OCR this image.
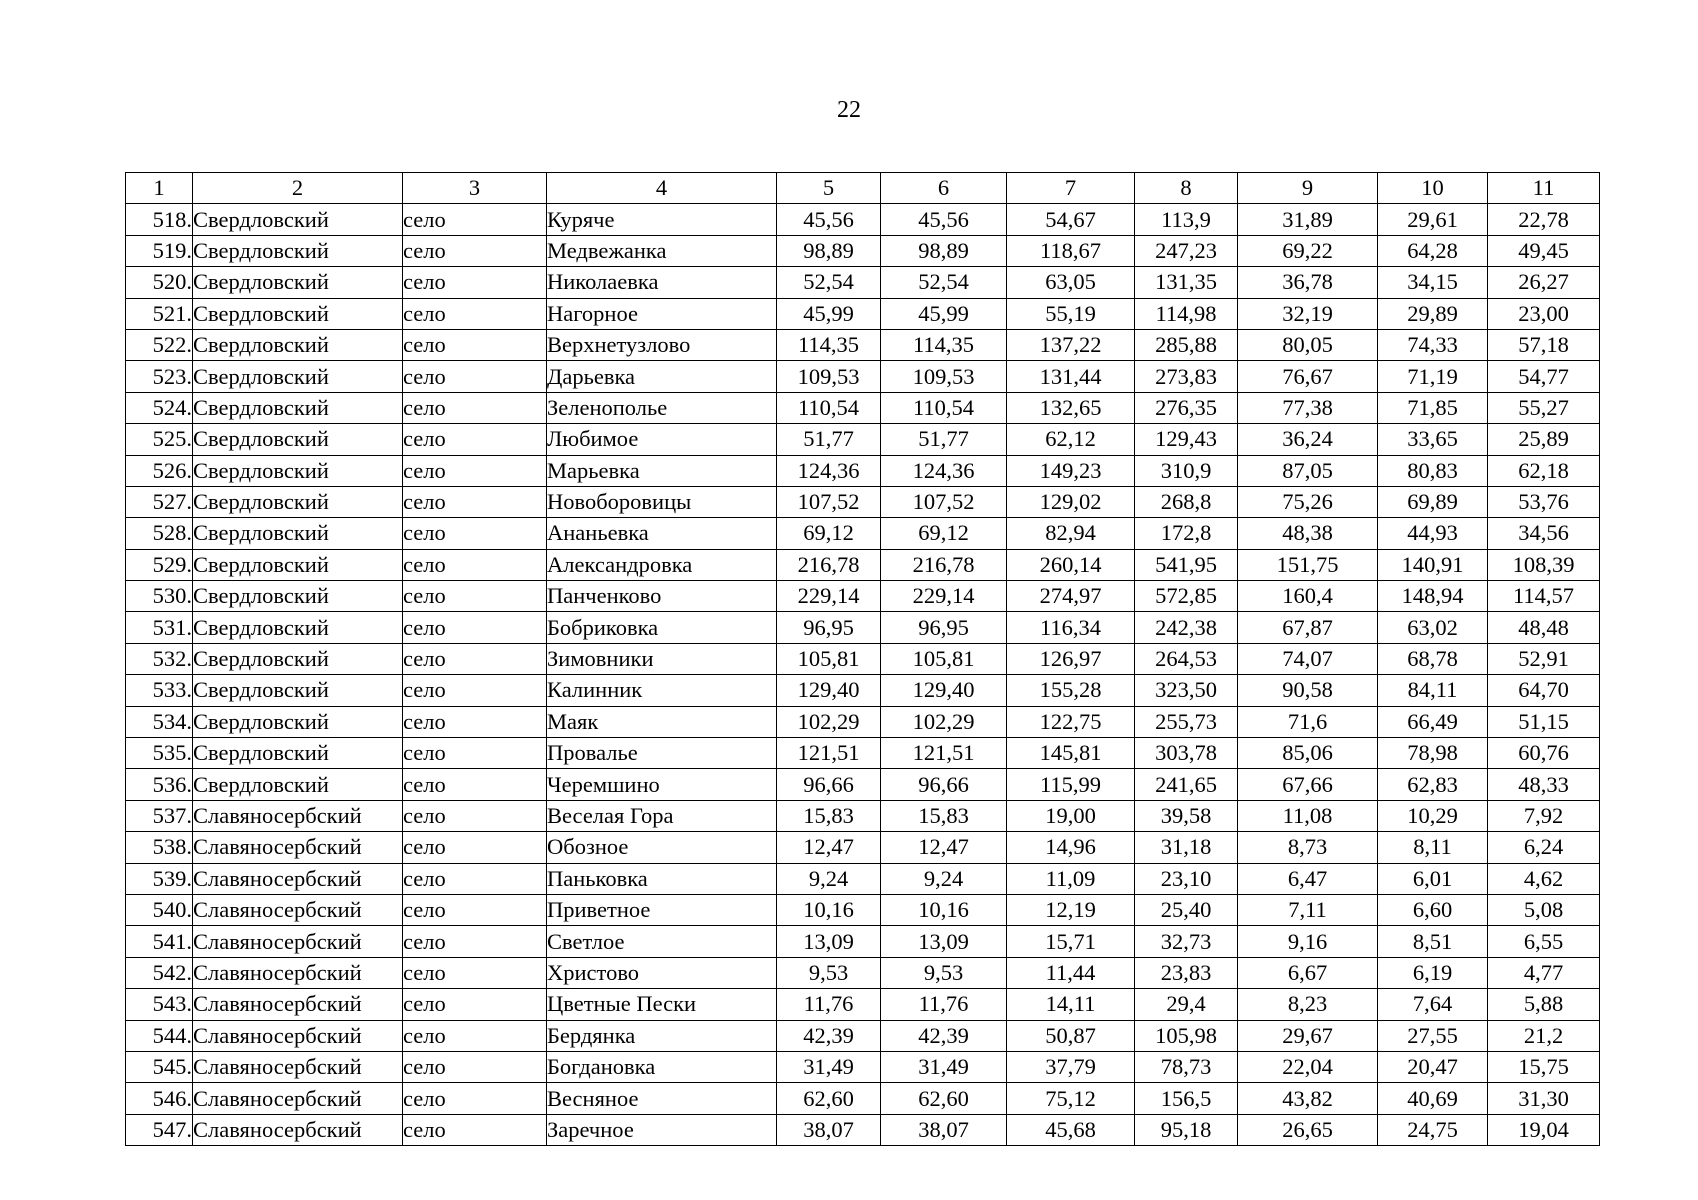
22
1	2	3	4	5	6	7	8	9	10	11
518.	Свердловский	село	Куряче	45,56	45,56	54,67	113,9	31,89	29,61	22,78
519.	Свердловский	село	Медвежанка	98,89	98,89	118,67	247,23	69,22	64,28	49,45
520.	Свердловский	село	Николаевка	52,54	52,54	63,05	131,35	36,78	34,15	26,27
521.	Свердловский	село	Нагорное	45,99	45,99	55,19	114,98	32,19	29,89	23,00
522.	Свердловский	село	Верхнетузлово	114,35	114,35	137,22	285,88	80,05	74,33	57,18
523.	Свердловский	село	Дарьевка	109,53	109,53	131,44	273,83	76,67	71,19	54,77
524.	Свердловский	село	Зеленополье	110,54	110,54	132,65	276,35	77,38	71,85	55,27
525.	Свердловский	село	Любимое	51,77	51,77	62,12	129,43	36,24	33,65	25,89
526.	Свердловский	село	Марьевка	124,36	124,36	149,23	310,9	87,05	80,83	62,18
527.	Свердловский	село	Новоборовицы	107,52	107,52	129,02	268,8	75,26	69,89	53,76
528.	Свердловский	село	Ананьевка	69,12	69,12	82,94	172,8	48,38	44,93	34,56
529.	Свердловский	село	Александровка	216,78	216,78	260,14	541,95	151,75	140,91	108,39
530.	Свердловский	село	Панченково	229,14	229,14	274,97	572,85	160,4	148,94	114,57
531.	Свердловский	село	Бобриковка	96,95	96,95	116,34	242,38	67,87	63,02	48,48
532.	Свердловский	село	Зимовники	105,81	105,81	126,97	264,53	74,07	68,78	52,91
533.	Свердловский	село	Калинник	129,40	129,40	155,28	323,50	90,58	84,11	64,70
534.	Свердловский	село	Маяк	102,29	102,29	122,75	255,73	71,6	66,49	51,15
535.	Свердловский	село	Провалье	121,51	121,51	145,81	303,78	85,06	78,98	60,76
536.	Свердловский	село	Черемшино	96,66	96,66	115,99	241,65	67,66	62,83	48,33
537.	Славяносербский	село	Веселая Гора	15,83	15,83	19,00	39,58	11,08	10,29	7,92
538.	Славяносербский	село	Обозное	12,47	12,47	14,96	31,18	8,73	8,11	6,24
539.	Славяносербский	село	Паньковка	9,24	9,24	11,09	23,10	6,47	6,01	4,62
540.	Славяносербский	село	Приветное	10,16	10,16	12,19	25,40	7,11	6,60	5,08
541.	Славяносербский	село	Светлое	13,09	13,09	15,71	32,73	9,16	8,51	6,55
542.	Славяносербский	село	Христово	9,53	9,53	11,44	23,83	6,67	6,19	4,77
543.	Славяносербский	село	Цветные Пески	11,76	11,76	14,11	29,4	8,23	7,64	5,88
544.	Славяносербский	село	Бердянка	42,39	42,39	50,87	105,98	29,67	27,55	21,2
545.	Славяносербский	село	Богдановка	31,49	31,49	37,79	78,73	22,04	20,47	15,75
546.	Славяносербский	село	Весняное	62,60	62,60	75,12	156,5	43,82	40,69	31,30
547.	Славяносербский	село	Заречное	38,07	38,07	45,68	95,18	26,65	24,75	19,04
